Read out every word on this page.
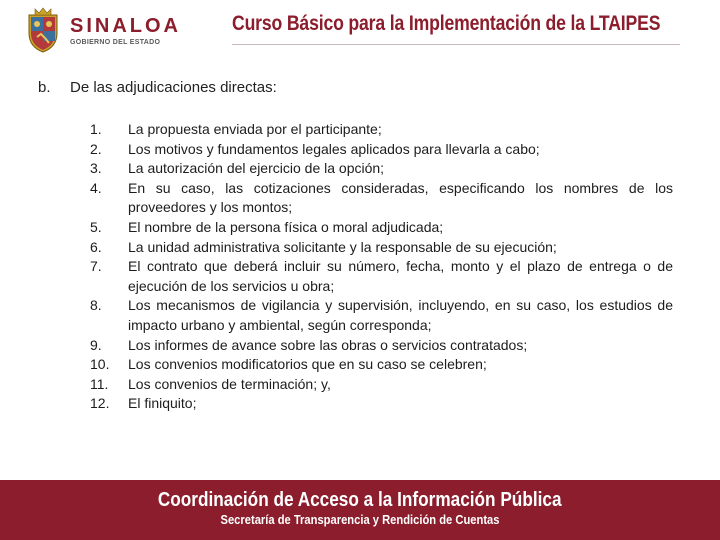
SINALOA
GOBIERNO DEL ESTADO
Curso Básico para la Implementación de la LTAIPES
b. De las adjudicaciones directas:
1.	La propuesta enviada por el participante;
2.	Los motivos y fundamentos legales aplicados para llevarla a cabo;
3.	La autorización del ejercicio de la opción;
4.	En su caso, las cotizaciones consideradas, especificando los nombres de los proveedores y los montos;
5.	El nombre de la persona física o moral adjudicada;
6.	La unidad administrativa solicitante y la responsable de su ejecución;
7.	El contrato que deberá incluir su número, fecha, monto y el plazo de entrega o de ejecución de los servicios u obra;
8.	Los mecanismos de vigilancia y supervisión, incluyendo, en su caso, los estudios de impacto urbano y ambiental, según corresponda;
9.	Los informes de avance sobre las obras o servicios contratados;
10.	Los convenios modificatorios que en su caso se celebren;
11.	Los convenios de terminación; y,
12.	El finiquito;
Coordinación de Acceso a la Información Pública
Secretaría de Transparencia y Rendición de Cuentas
